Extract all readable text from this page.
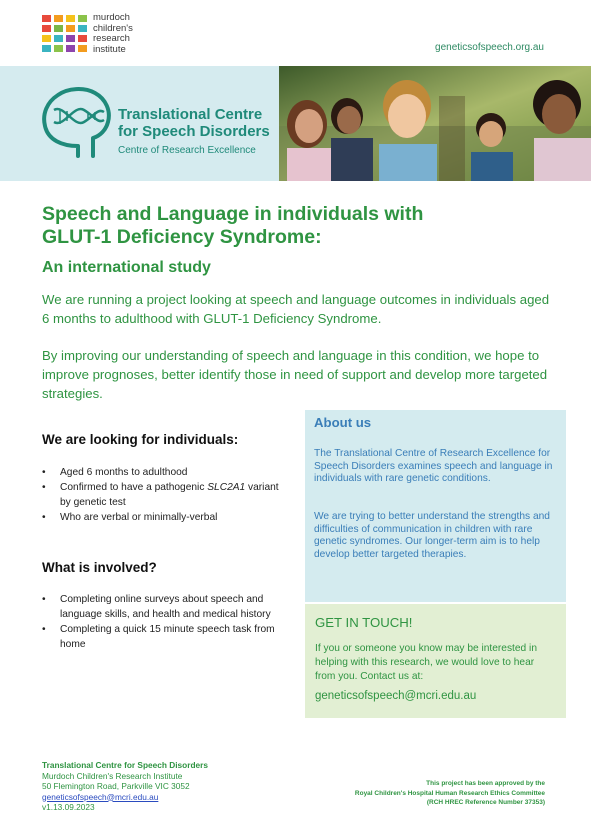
murdoch
children's
research
institute	geneticsofspeech.org.au
Translational Centre
for Speech Disorders
Centre of Research Excellence
Speech and Language in individuals with
GLUT-1 Deficiency Syndrome:
An international study
We are running a project looking at speech and language outcomes in individuals aged 6 months to adulthood with GLUT-1 Deficiency Syndrome.
By improving our understanding of speech and language in this condition, we hope to improve prognoses, better identify those in need of support and develop more targeted strategies.
We are looking for individuals:
• Aged 6 months to adulthood
• Confirmed to have a pathogenic SLC2A1 variant by genetic test
• Who are verbal or minimally-verbal
What is involved?
• Completing online surveys about speech and language skills, and health and medical history
• Completing a quick 15 minute speech task from home
About us
The Translational Centre of Research Excellence for Speech Disorders examines speech and language in individuals with rare genetic conditions.
We are trying to better understand the strengths and difficulties of communication in children with rare genetic syndromes. Our longer-term aim is to help develop better targeted therapies.
GET IN TOUCH!
If you or someone you know may be interested in helping with this research, we would love to hear from you. Contact us at:
geneticsofspeech@mcri.edu.au
Translational Centre for Speech Disorders
Murdoch Children's Research Institute
50 Flemington Road, Parkville VIC 3052
geneticsofspeech@mcri.edu.au
v1.13.09.2023
This project has been approved by the
Royal Children's Hospital Human Research Ethics Committee
(RCH HREC Reference Number 37353)
